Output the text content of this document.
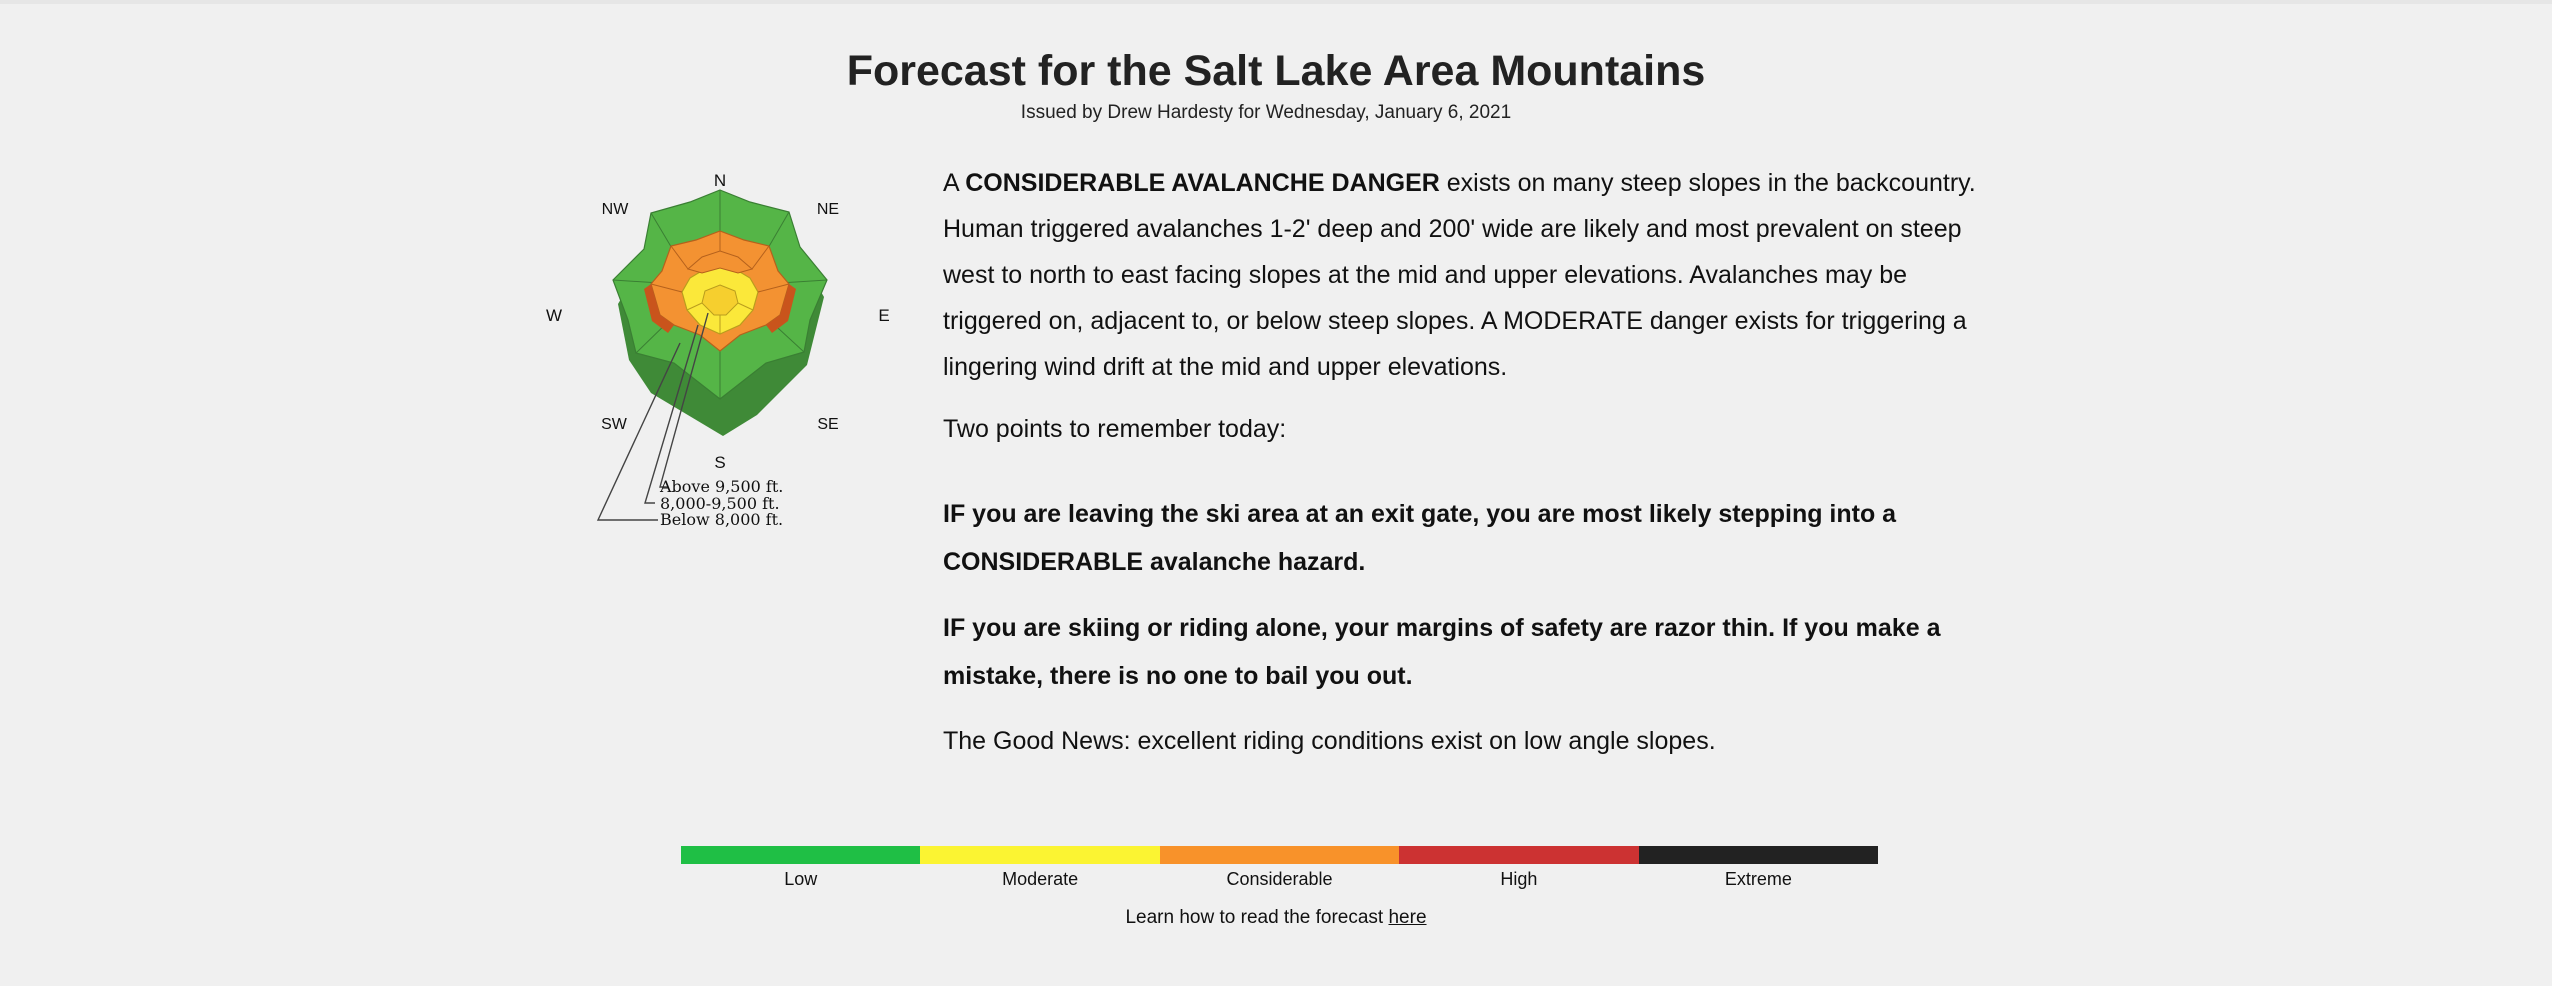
Forecast for the Salt Lake Area Mountains
Issued by Drew Hardesty for Wednesday, January 6, 2021
N
NE
E
SE
S
SW
W
NW
Above 9,500 ft.
8,000-9,500 ft.
Below 8,000 ft.

A CONSIDERABLE AVALANCHE DANGER exists on many steep slopes in the backcountry. Human triggered avalanches 1-2' deep and 200' wide are likely and most prevalent on steep west to north to east facing slopes at the mid and upper elevations. Avalanches may be triggered on, adjacent to, or below steep slopes. A MODERATE danger exists for triggering a lingering wind drift at the mid and upper elevations.

Two points to remember today:

IF you are leaving the ski area at an exit gate, you are most likely stepping into a CONSIDERABLE avalanche hazard.

IF you are skiing or riding alone, your margins of safety are razor thin. If you make a mistake, there is no one to bail you out.

The Good News: excellent riding conditions exist on low angle slopes.

Low	Moderate	Considerable	High	Extreme
Learn how to read the forecast here
